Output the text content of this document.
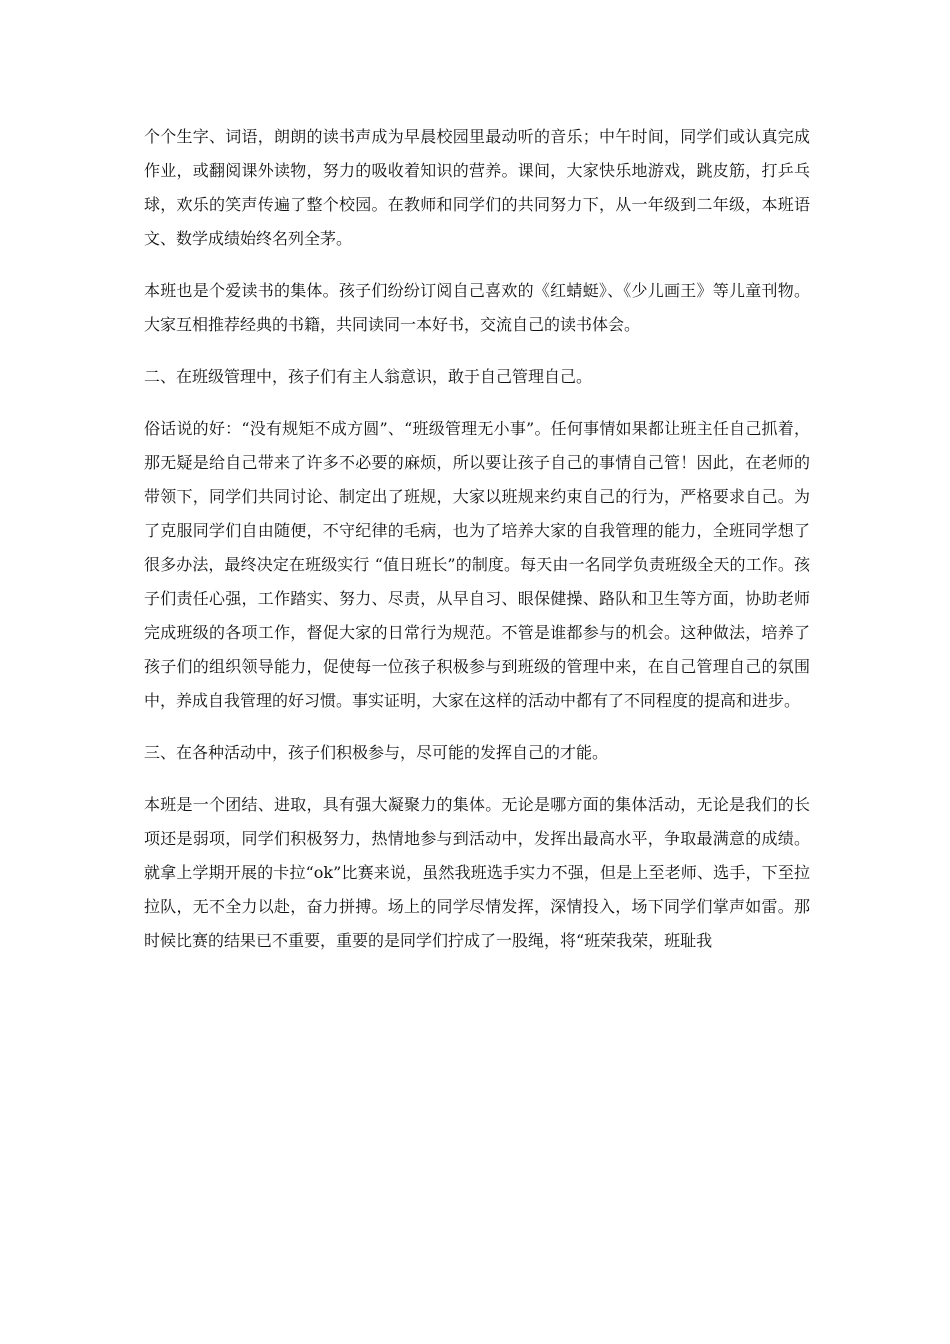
个个生字、词语，朗朗的读书声成为早晨校园里最动听的音乐；中午时间，同学们或认真完成作业，或翻阅课外读物，努力的吸收着知识的营养。课间，大家快乐地游戏，跳皮筋，打乒乓球，欢乐的笑声传遍了整个校园。在教师和同学们的共同努力下，从一年级到二年级，本班语文、数学成绩始终名列全茅。

本班也是个爱读书的集体。孩子们纷纷订阅自己喜欢的《红蜻蜓》、《少儿画王》等儿童刊物。大家互相推荐经典的书籍，共同读同一本好书，交流自己的读书体会。

二、在班级管理中，孩子们有主人翁意识，敢于自己管理自己。

俗话说的好：“没有规矩不成方圆”、“班级管理无小事”。任何事情如果都让班主任自己抓着，那无疑是给自己带来了许多不必要的麻烦，所以要让孩子自己的事情自己管！因此，在老师的带领下，同学们共同讨论、制定出了班规，大家以班规来约束自己的行为，严格要求自己。为了克服同学们自由随便，不守纪律的毛病，也为了培养大家的自我管理的能力，全班同学想了很多办法，最终决定在班级实行 “值日班长”的制度。每天由一名同学负责班级全天的工作。孩子们责任心强，工作踏实、努力、尽责，从早自习、眼保健操、路队和卫生等方面，协助老师完成班级的各项工作，督促大家的日常行为规范。不管是谁都参与的机会。这种做法，培养了孩子们的组织领导能力，促使每一位孩子积极参与到班级的管理中来，在自己管理自己的氛围中，养成自我管理的好习惯。事实证明，大家在这样的活动中都有了不同程度的提高和进步。

三、在各种活动中，孩子们积极参与，尽可能的发挥自己的才能。

本班是一个团结、进取，具有强大凝聚力的集体。无论是哪方面的集体活动，无论是我们的长项还是弱项，同学们积极努力，热情地参与到活动中，发挥出最高水平，争取最满意的成绩。就拿上学期开展的卡拉“ok”比赛来说，虽然我班选手实力不强，但是上至老师、选手，下至拉拉队，无不全力以赴，奋力拼搏。场上的同学尽情发挥，深情投入，场下同学们掌声如雷。那时候比赛的结果已不重要，重要的是同学们拧成了一股绳，将“班荣我荣，班耻我
